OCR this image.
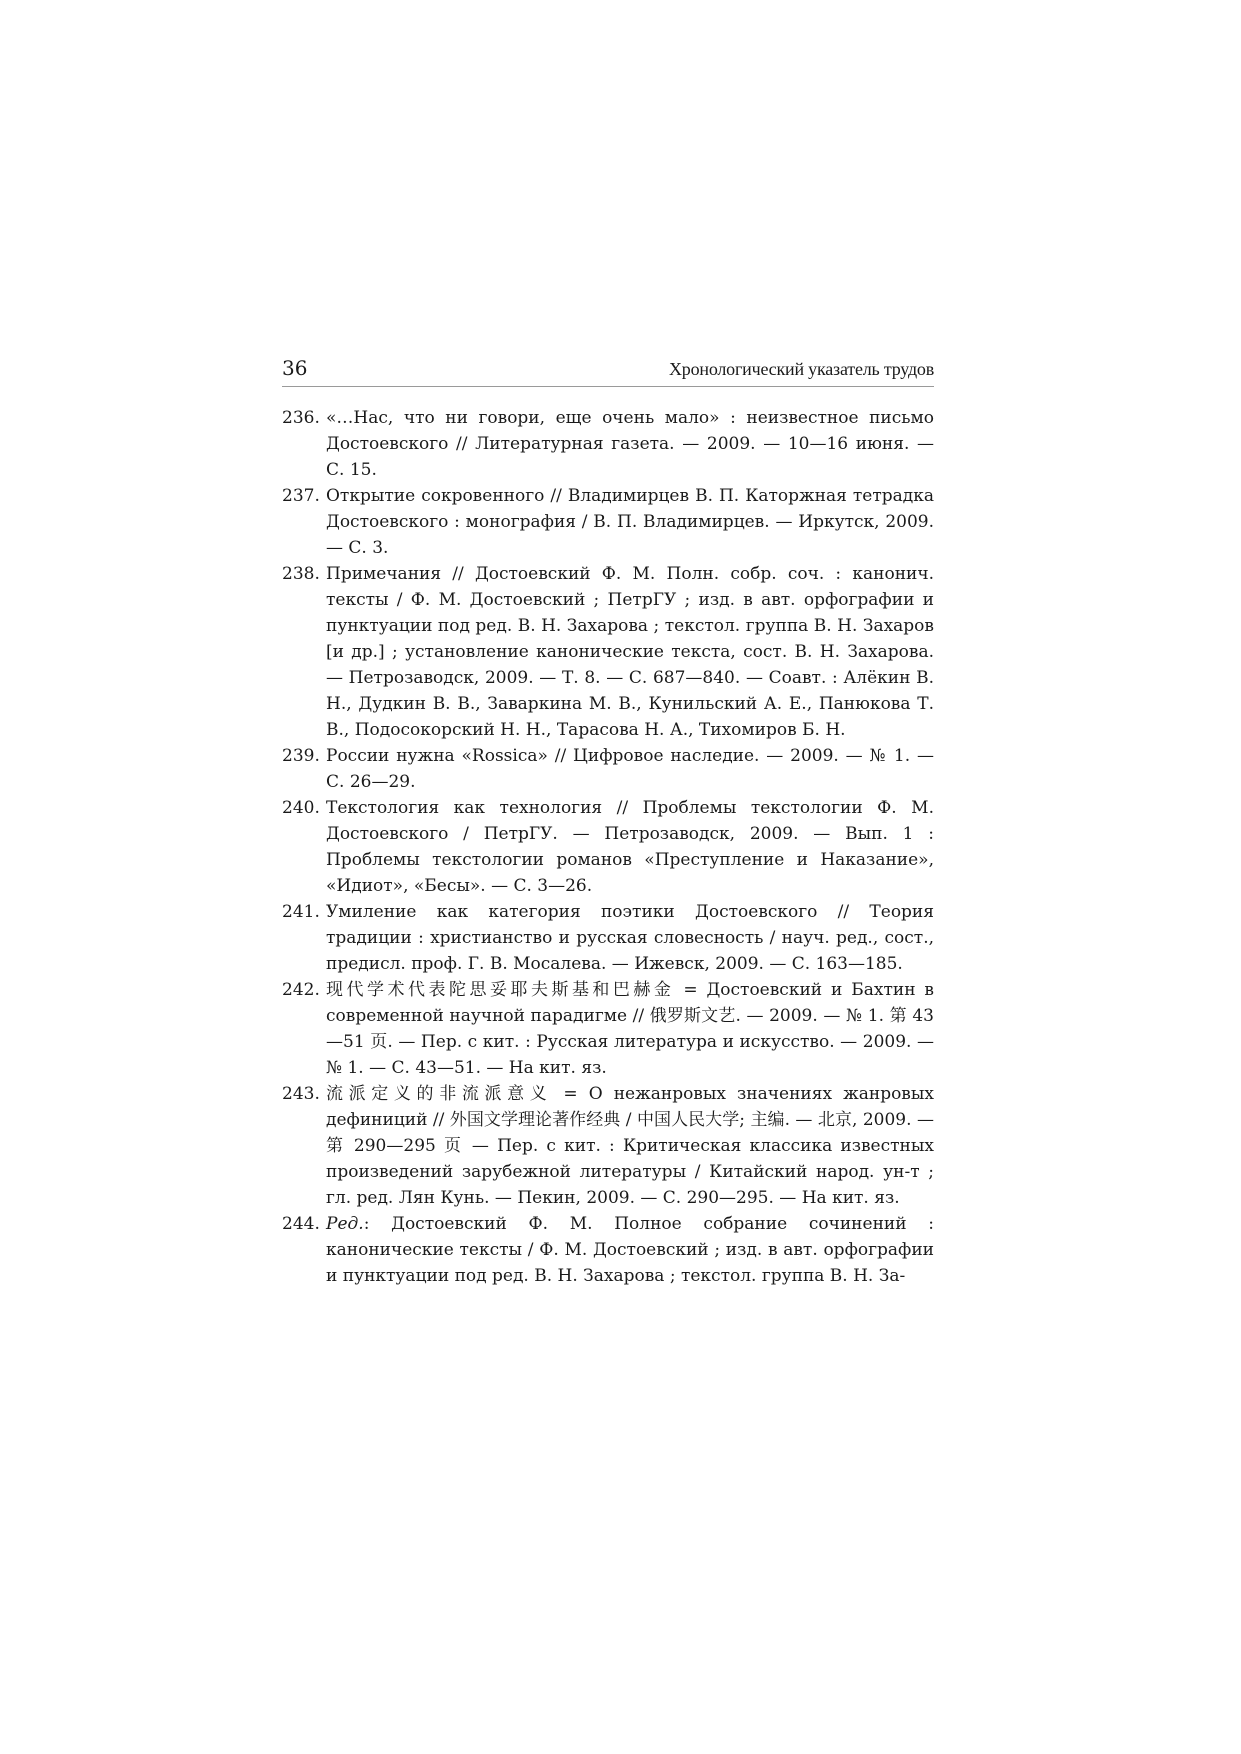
36	Хронологический указатель трудов
236. «…Нас, что ни говори, еще очень мало» : неизвестное письмо Достоевского // Литературная газета. — 2009. — 10—16 июня. — С. 15.
237. Открытие сокровенного // Владимирцев В. П. Каторжная тетрадка Достоевского : монография / В. П. Владимирцев. — Иркутск, 2009. — С. 3.
238. Примечания // Достоевский Ф. М. Полн. собр. соч. : канонич. тексты / Ф. М. Достоевский ; ПетрГУ ; изд. в авт. орфографии и пунктуации под ред. В. Н. Захарова ; текстол. группа В. Н. Захаров [и др.] ; установление канонические текста, сост. В. Н. Захарова. — Петрозаводск, 2009. — Т. 8. — С. 687—840. — Соавт. : Алёкин В. Н., Дудкин В. В., Заваркина М. В., Кунильский А. Е., Панюкова Т. В., Подосокорский Н. Н., Тарасова Н. А., Тихомиров Б. Н.
239. России нужна «Rossica» // Цифровое наследие. — 2009. — № 1. — С. 26—29.
240. Текстология как технология // Проблемы текстологии Ф. М. Достоевского / ПетрГУ. — Петрозаводск, 2009. — Вып. 1 : Проблемы текстологии романов «Преступление и Наказание», «Идиот», «Бесы». — С. 3—26.
241. Умиление как категория поэтики Достоевского // Теория традиции : христианство и русская словесность / науч. ред., сост., предисл. проф. Г. В. Мосалева. — Ижевск, 2009. — С. 163—185.
242. 现代学术代表陀思妥耶夫斯基和巴赫金 = Достоевский и Бахтин в современной научной парадигме // 俄罗斯文艺. — 2009. — № 1. 第 43—51 页. — Пер. с кит. : Русская литература и искусство. — 2009. — № 1. — С. 43—51. — На кит. яз.
243. 流派定义的非流派意义 = О нежанровых значениях жанровых дефиниций // 外国文学理论著作经典 / 中国人民大学; 主编. — 北京, 2009. — 第 290—295 页 — Пер. с кит. : Критическая классика известных произведений зарубежной литературы / Китайский народ. ун-т ; гл. ред. Лян Кунь. — Пекин, 2009. — С. 290—295. — На кит. яз.
244. Ред.: Достоевский Ф. М. Полное собрание сочинений : канонические тексты / Ф. М. Достоевский ; изд. в авт. орфографии и пунктуации под ред. В. Н. Захарова ; текстол. группа В. Н. За-
